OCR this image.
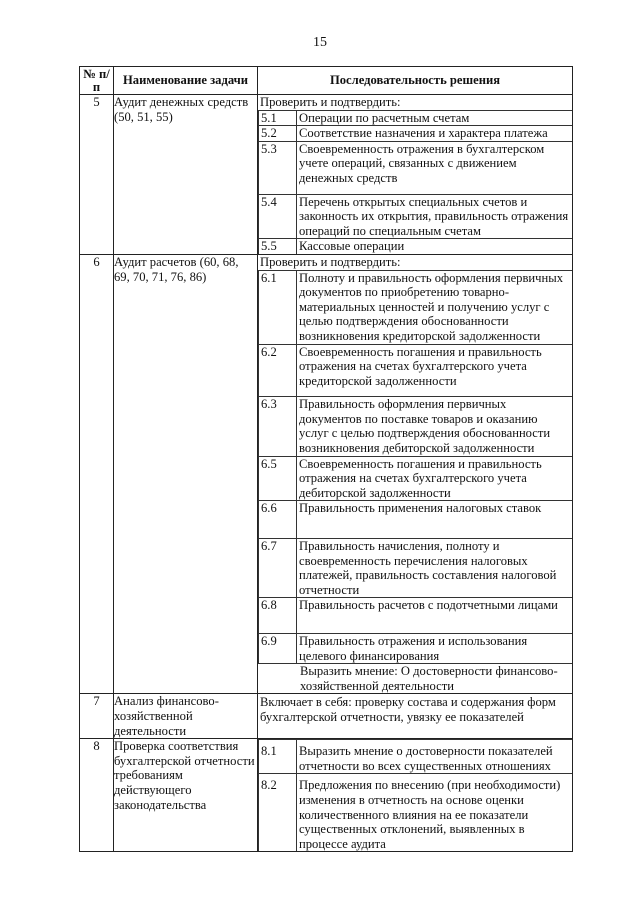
15
№ п/п	Наименование задачи	Последовательность решения
5	Аудит денежных средств (50, 51, 55)	
Проверить и подтвердить:
5.1	Операции по расчетным счетам
5.2	Соответствие назначения и характера платежа
5.3	Своевременность отражения в бухгалтерском учете операций, связанных с движением денежных средств
5.4	Перечень открытых специальных счетов и законность их открытия, правильность отражения операций по специальным счетам
5.5	Кассовые операции

6	Аудит расчетов (60, 68, 69, 70, 71, 76, 86)	
Проверить и подтвердить:
6.1	Полноту и правильность оформления первичных документов по приобретению товарно-материальных ценностей и получению услуг с целью подтверждения обоснованности возникновения кредиторской задолженности
6.2	Своевременность погашения и правильность отражения на счетах бухгалтерского учета кредиторской задолженности
6.3	Правильность оформления первичных документов по поставке товаров и оказанию услуг с целью подтверждения обоснованности возникновения дебиторской задолженности
6.5	Своевременность погашения и правильность отражения на счетах бухгалтерского учета дебиторской задолженности
6.6	Правильность применения налоговых ставок
6.7	Правильность начисления, полноту и своевременность перечисления налоговых платежей, правильность составления налоговой отчетности
6.8	Правильность расчетов с подотчетными лицами
6.9	Правильность отражения и использования целевого финансирования
Выразить мнение: О достоверности финансово-хозяйственной деятельности

7	Анализ финансово-хозяйственной деятельности	
Включает в себя: проверку состава и содержания форм бухгалтерской отчетности, увязку ее показателей

8	Проверка соответствия бухгалтерской отчетности требованиям действующего законодательства	
8.1	Выразить мнение о достоверности показателей отчетности во всех существенных отношениях
8.2	Предложения по внесению (при необходимости) изменения в отчетность на основе оценки количественного влияния на ее показатели существенных отклонений, выявленных в процессе аудита
